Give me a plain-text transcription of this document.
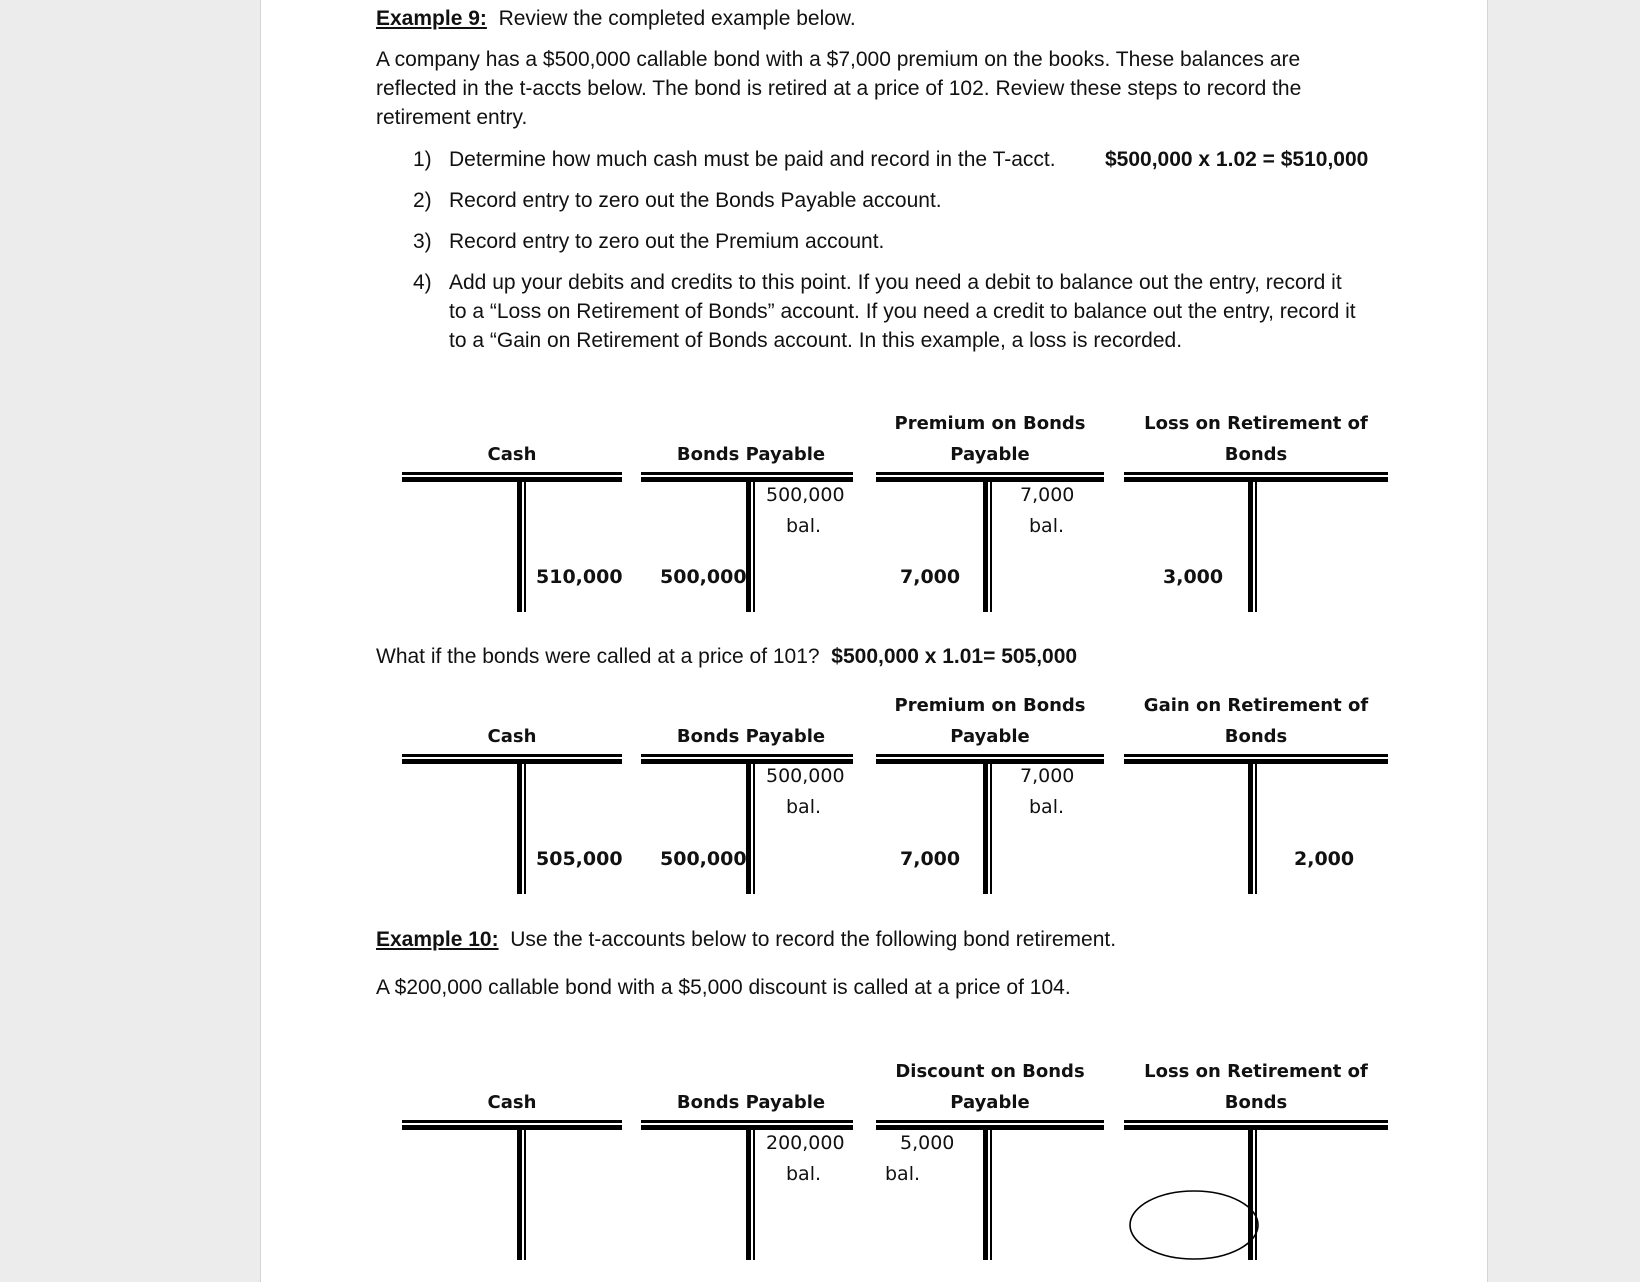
Example 9: Review the completed example below.
A company has a $500,000 callable bond with a $7,000 premium on the books. These balances are
reflected in the t-accts below. The bond is retired at a price of 102. Review these steps to record the
retirement entry.
1) Determine how much cash must be paid and record in the T-acct. $500,000 x 1.02 = $510,000
2) Record entry to zero out the Bonds Payable account.
3) Record entry to zero out the Premium account.
4) Add up your debits and credits to this point. If you need a debit to balance out the entry, record it
to a “Loss on Retirement of Bonds” account. If you need a credit to balance out the entry, record it
to a “Gain on Retirement of Bonds account. In this example, a loss is recorded.
Cash
510,000
Bonds Payable
500,000
bal.
500,000
Premium on Bonds
Payable
7,000
bal.
7,000
Loss on Retirement of
Bonds
3,000
What if the bonds were called at a price of 101? $500,000 x 1.01= 505,000
Cash
505,000
Bonds Payable
500,000
bal.
500,000
Premium on Bonds
Payable
7,000
bal.
7,000
Gain on Retirement of
Bonds
2,000
Example 10: Use the t-accounts below to record the following bond retirement.
A $200,000 callable bond with a $5,000 discount is called at a price of 104.
Cash	Bonds Payable
200,000
bal.
Discount on Bonds
Payable
5,000
bal.
Loss on Retirement of
Bonds
